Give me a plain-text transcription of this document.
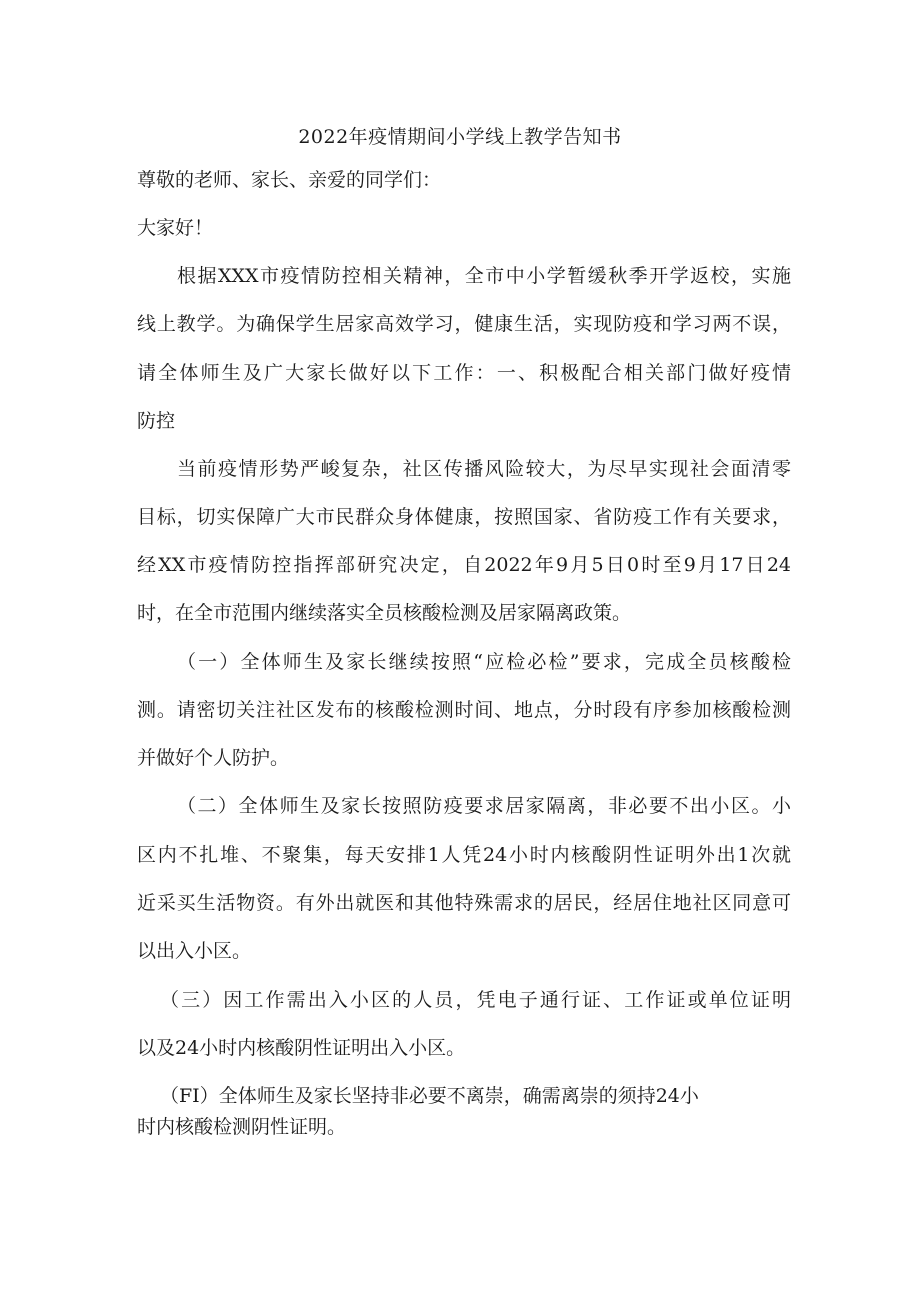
2022年疫情期间小学线上教学告知书
尊敬的老师、家长、亲爱的同学们：
大家好！
根据XXX市疫情防控相关精神，全市中小学暂缓秋季开学返校，实施
线上教学。为确保学生居家高效学习，健康生活，实现防疫和学习两不误，
请全体师生及广大家长做好以下工作：一、积极配合相关部门做好疫情
防控
当前疫情形势严峻复杂，社区传播风险较大，为尽早实现社会面清零
目标，切实保障广大市民群众身体健康，按照国家、省防疫工作有关要求，
经XX市疫情防控指挥部研究决定，自2022年9月5日0时至9月17日24
时，在全市范围内继续落实全员核酸检测及居家隔离政策。
（一）全体师生及家长继续按照“应检必检”要求，完成全员核酸检
测。请密切关注社区发布的核酸检测时间、地点，分时段有序参加核酸检测
并做好个人防护。
（二）全体师生及家长按照防疫要求居家隔离，非必要不出小区。小
区内不扎堆、不聚集，每天安排1人凭24小时内核酸阴性证明外出1次就
近采买生活物资。有外出就医和其他特殊需求的居民，经居住地社区同意可
以出入小区。
（三）因工作需出入小区的人员，凭电子通行证、工作证或单位证明
以及24小时内核酸阴性证明出入小区。
（FI）全体师生及家长坚持非必要不离崇，确需离崇的须持24小
时内核酸检测阴性证明。
